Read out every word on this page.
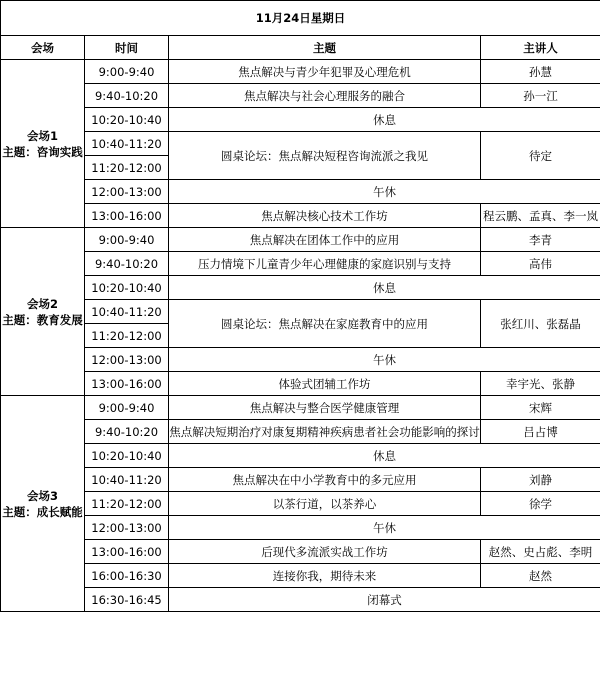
11月24日星期日			
会场	时间	主题	主讲人

会场1
主题：咨询实践	9:00-9:40	焦点解决与青少年犯罪及心理危机	孙慧
	9:40-10:20	焦点解决与社会心理服务的融合	孙一江
	10:20-10:40	休息	
	10:40-11:20	圆桌论坛：焦点解决短程咨询流派之我见	待定
	11:20-12:00		
	12:00-13:00	午休	
	13:00-16:00	焦点解决核心技术工作坊	程云鹏、孟真、李一岚

会场2
主题：教育发展	9:00-9:40	焦点解决在团体工作中的应用	李青
	9:40-10:20	压力情境下儿童青少年心理健康的家庭识别与支持	高伟
	10:20-10:40	休息	
	10:40-11:20	圆桌论坛：焦点解决在家庭教育中的应用	张红川、张磊晶
	11:20-12:00		
	12:00-13:00	午休	
	13:00-16:00	体验式团辅工作坊	幸宇光、张静

会场3
主题：成长赋能	9:00-9:40	焦点解决与整合医学健康管理	宋辉
	9:40-10:20	焦点解决短期治疗对康复期精神疾病患者社会功能影响的探讨	吕占博
	10:20-10:40	休息	
	10:40-11:20	焦点解决在中小学教育中的多元应用	刘静
	11:20-12:00	以茶行道，以茶养心	徐学
	12:00-13:00	午休	
	13:00-16:00	后现代多流派实战工作坊	赵然、史占彪、李明
	16:00-16:30	连接你我，期待未来	赵然
	16:30-16:45	闭幕式	
